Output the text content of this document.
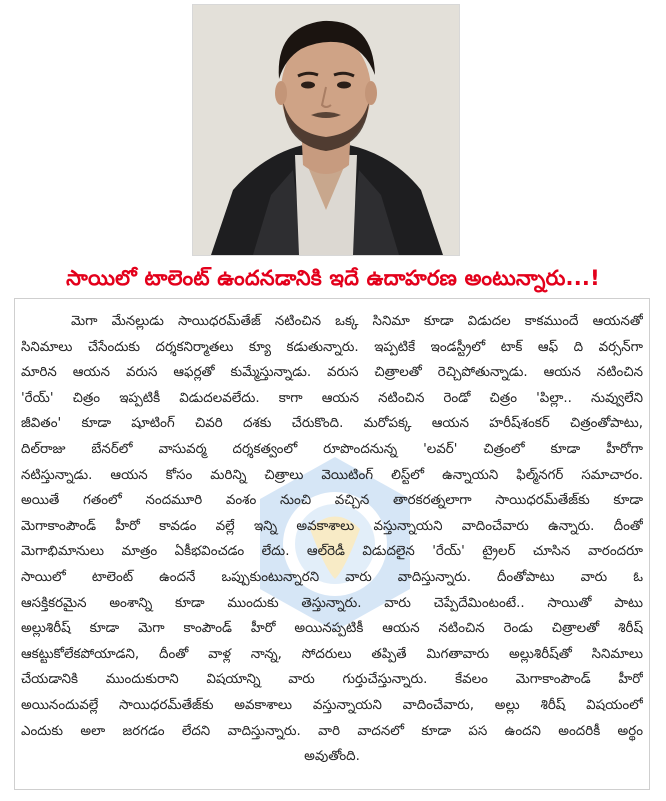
సాయిలో టాలెంట్ ఉందనడానికి ఇదే ఉదాహరణ అంటున్నారు...!
మెగా మేనల్లుడు సాయిధరమ్‌తేజ్ నటించిన ఒక్క సినిమా కూడా విడుదల కాకముందే ఆయనతో
సినిమాలు చేసేందుకు దర్శకనిర్మాతలు క్యూ కడుతున్నారు. ఇప్పటికే ఇండస్ట్రీలో టాక్ ఆఫ్ ది వర్సన్‌గా
మారిన ఆయన వరుస ఆఫర్లతో కుమ్మేస్తున్నాడు. వరుస చిత్రాలతో రెచ్చిపోతున్నాడు. ఆయన నటించిన
'రేయ్' చిత్రం ఇప్పటికీ విడుదలవలేదు. కాగా ఆయన నటించిన రెండో చిత్రం 'పిల్లా.. నువ్వులేని
జీవితం' కూడా షూటింగ్ చివరి దశకు చేరుకొంది. మరోపక్క ఆయన హరీష్‌శంకర్ చిత్రంతోపాటు,
దిల్‌రాజు బేనర్‌లో వాసువర్మ దర్శకత్వంలో రూపొందనున్న 'లవర్' చిత్రంలో కూడా హీరోగా
నటిస్తున్నాడు. ఆయన కోసం మరిన్ని చిత్రాలు వెయిటింగ్ లిస్ట్‌లో ఉన్నాయని ఫిల్మ్‌నగర్ సమాచారం.
అయితే గతంలో నందమూరి వంశం నుంచి వచ్చిన తారకరత్నలాగా సాయిధరమ్‌తేజ్‌కు కూడా
మెగాకాంపౌండ్ హీరో కావడం వల్లే ఇన్ని అవకాశాలు వస్తున్నాయని వాదించేవారు ఉన్నారు. దీంతో
మెగాభిమానులు మాత్రం ఏకీభవించడం లేదు. ఆల్‌రెడీ విడుదలైన 'రేయ్' ట్రైలర్ చూసిన వారందరూ
సాయిలో టాలెంట్ ఉందనే ఒప్పుకుంటున్నారని వారు వాదిస్తున్నారు. దీంతోపాటు వారు ఓ
ఆసక్తికరమైన అంశాన్ని కూడా ముందుకు తెస్తున్నారు. వారు చెప్పేదేమింటంటే.. సాయితో పాటు
అల్లుశిరీష్ కూడా మెగా కాంపౌండ్ హీరో అయినప్పటికీ ఆయన నటించిన రెండు చిత్రాలతో శిరీష్
ఆకట్టుకోలేకపోయాడని, దీంతో వాళ్ల నాన్న, సోదరులు తప్పితే మిగతావారు అల్లుశిరీష్‌తో సినిమాలు
చేయడానికి ముందుకురాని విషయాన్ని వారు గుర్తుచేస్తున్నారు. కేవలం మెగాకాంపౌండ్ హీరో
అయినందువల్లే సాయిధరమ్‌తేజ్‌కు అవకాశాలు వస్తున్నాయని వాదించేవారు, అల్లు శిరీష్ విషయంలో
ఎందుకు అలా జరగడం లేదని వాదిస్తున్నారు. వారి వాదనలో కూడా పస ఉందని అందరికీ అర్థం
అవుతోంది.
